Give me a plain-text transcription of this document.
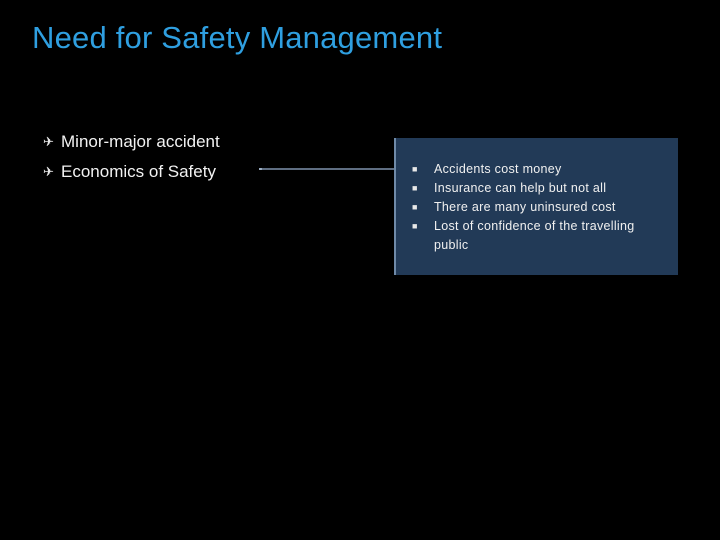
Need for Safety Management
✈ Minor-major accident
✈ Economics of Safety	■	Accidents cost money
■	Insurance can help but not all
■	There are many uninsured cost
■	Lost of confidence of the travelling public
